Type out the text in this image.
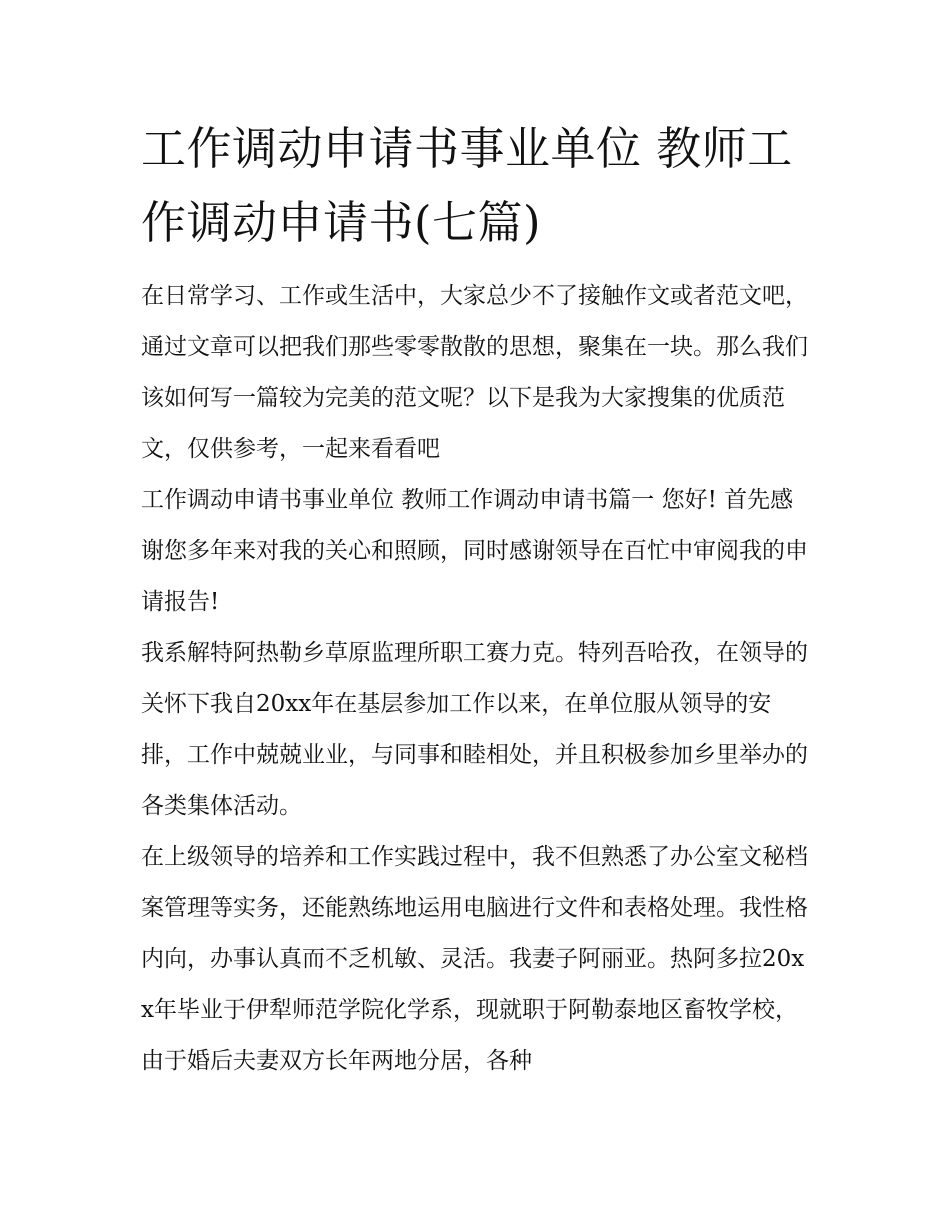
工作调动申请书事业单位 教师工作调动申请书(七篇)

在日常学习、工作或生活中，大家总少不了接触作文或者范文吧，通过文章可以把我们那些零零散散的思想，聚集在一块。那么我们该如何写一篇较为完美的范文呢？以下是我为大家搜集的优质范文，仅供参考，一起来看看吧

工作调动申请书事业单位 教师工作调动申请书篇一 您好! 首先感谢您多年来对我的关心和照顾，同时感谢领导在百忙中审阅我的申请报告!

我系解特阿热勒乡草原监理所职工赛力克。特列吾哈孜，在领导的关怀下我自20xx年在基层参加工作以来，在单位服从领导的安排，工作中兢兢业业，与同事和睦相处，并且积极参加乡里举办的各类集体活动。

在上级领导的培养和工作实践过程中，我不但熟悉了办公室文秘档案管理等实务，还能熟练地运用电脑进行文件和表格处理。我性格内向，办事认真而不乏机敏、灵活。我妻子阿丽亚。热阿多拉20xx年毕业于伊犁师范学院化学系，现就职于阿勒泰地区畜牧学校，由于婚后夫妻双方长年两地分居，各种
